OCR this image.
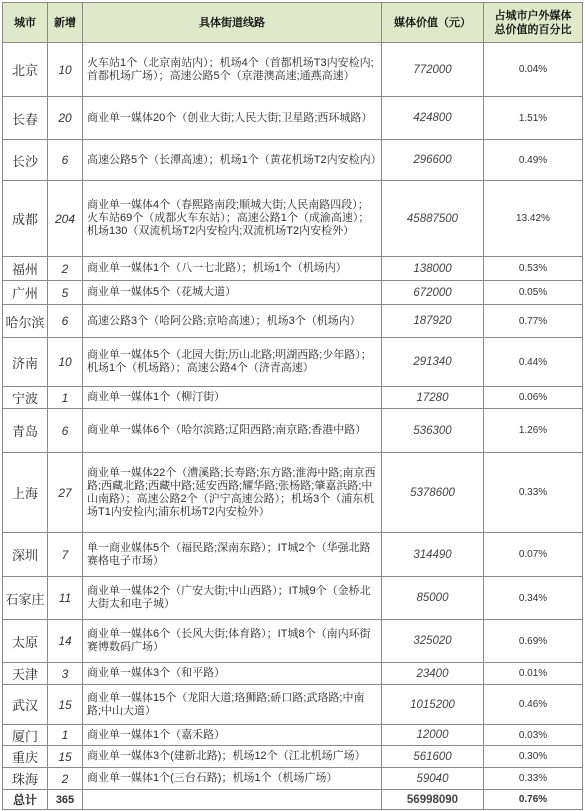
城市	新增	具体街道线路	媒体价值（元）	占城市户外媒体
总价值的百分比
北京	10	火车站1个（北京南站内）；机场4个（首都机场T3内安检内;首都机场广场）；高速公路5个（京港澳高速;通燕高速）	772000	0.04%
长春	20	商业单一媒体20个（创业大街;人民大街;卫星路;西环城路）	424800	1.51%
长沙	6	高速公路5个（长潭高速）；机场1个（黄花机场T2内安检内）	296600	0.49%
成都	204	商业单一媒体4个（春熙路南段;顺城大街;人民南路四段）；火车站69个（成都火车东站）；高速公路1个（成渝高速）；机场130（双流机场T2内安检内;双流机场T2内安检外）	45887500	13.42%
福州	2	商业单一媒体1个（八一七北路）；机场1个（机场内）	138000	0.53%
广州	5	商业单一媒体5个（花城大道）	672000	0.05%
哈尔滨	6	高速公路3个（哈阿公路;京哈高速）；机场3个（机场内）	187920	0.77%
济南	10	商业单一媒体5个（北园大街;历山北路;明湖西路;少年路）；机场1个（机场路）；高速公路4个（济青高速）	291340	0.44%
宁波	1	商业单一媒体1个（柳汀街）	17280	0.06%
青岛	6	商业单一媒体6个（哈尔滨路;辽阳西路;南京路;香港中路）	536300	1.26%
上海	27	商业单一媒体22个（漕溪路;长寿路;东方路;淮海中路;南京西路;西藏北路;西藏中路;延安西路;耀华路;张杨路;肇嘉浜路;中山南路）；高速公路2个（沪宁高速公路）；机场3个（浦东机场T1内安检内;浦东机场T2内安检外）	5378600	0.33%
深圳	7	单一商业媒体5个（福民路;深南东路）；IT城2个（华强北路赛格电子市场）	314490	0.07%
石家庄	11	商业单一媒体2个（广安大街;中山西路）；IT城9个（金桥北大街太和电子城）	85000	0.34%
太原	14	商业单一媒体6个（长风大街;体育路）；IT城8个（南内环街赛博数码广场）	325020	0.69%
天津	3	商业单一媒体3个（和平路）	23400	0.01%
武汉	15	商业单一媒体15个（龙阳大道;珞狮路;硚口路;武珞路;中南路;中山大道）	1015200	0.46%
厦门	1	商业单一媒体1个（嘉禾路）	12000	0.03%
重庆	15	商业单一媒体3个(建新北路)；机场12个（江北机场广场）	561600	0.30%
珠海	2	商业单一媒体1个(三台石路)；机场1个（机场广场）	59040	0.33%
总计	365		56998090	0.76%
